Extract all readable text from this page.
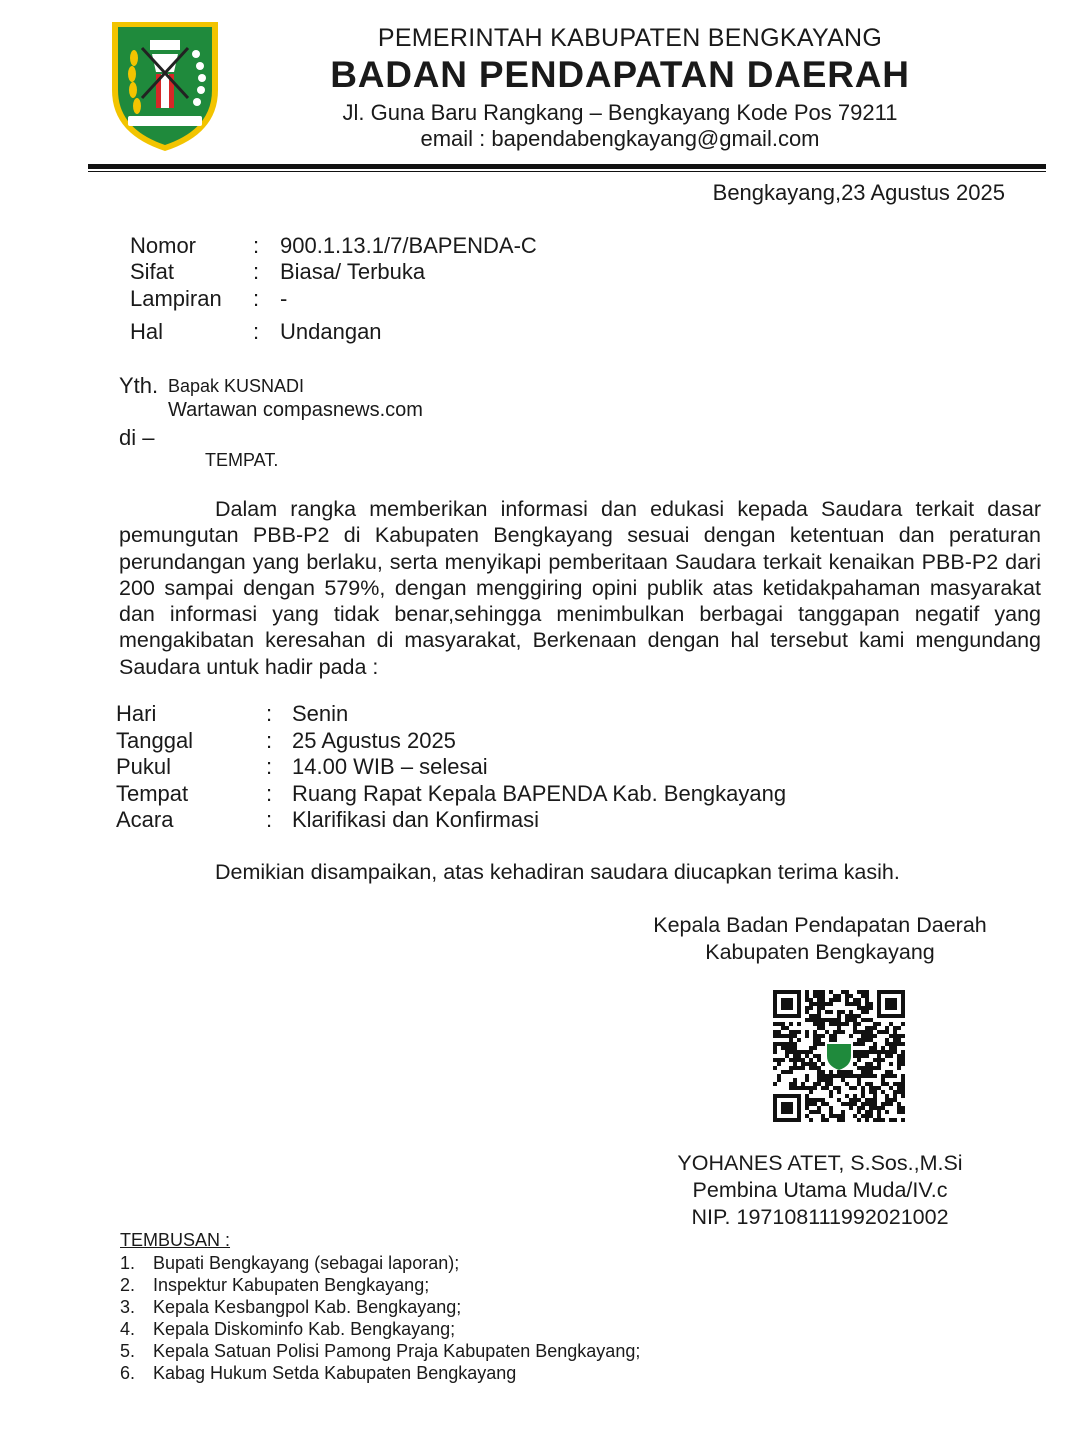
PEMERINTAH KABUPATEN BENGKAYANG
BADAN PENDAPATAN DAERAH
Jl. Guna Baru Rangkang – Bengkayang Kode Pos 79211
email : bapendabengkayang@gmail.com
Bengkayang,23 Agustus 2025
Nomor	: 900.1.13.1/7/BAPENDA-C
Sifat	: Biasa/ Terbuka
Lampiran : -
Hal	: Undangan
Yth. Bapak KUSNADI
Wartawan compasnews.com
di –
TEMPAT.

Dalam rangka memberikan informasi dan edukasi kepada Saudara terkait dasar pemungutan PBB-P2 di Kabupaten Bengkayang sesuai dengan ketentuan dan peraturan perundangan yang berlaku, serta menyikapi pemberitaan Saudara terkait kenaikan PBB-P2 dari 200 sampai dengan 579%, dengan menggiring opini publik atas ketidakpahaman masyarakat dan informasi yang tidak benar,sehingga menimbulkan berbagai tanggapan negatif yang mengakibatan keresahan di masyarakat, Berkenaan dengan hal tersebut kami mengundang Saudara untuk hadir pada :

Hari	: Senin
Tanggal	: 25 Agustus 2025
Pukul	: 14.00 WIB – selesai
Tempat	: Ruang Rapat Kepala BAPENDA Kab. Bengkayang
Acara	: Klarifikasi dan Konfirmasi
Demikian disampaikan, atas kehadiran saudara diucapkan terima kasih.
Kepala Badan Pendapatan Daerah
Kabupaten Bengkayang
YOHANES ATET, S.Sos.,M.Si
Pembina Utama Muda/IV.c
NIP. 197108111992021002
TEMBUSAN :
1. Bupati Bengkayang (sebagai laporan);
2. Inspektur Kabupaten Bengkayang;
3. Kepala Kesbangpol Kab. Bengkayang;
4. Kepala Diskominfo Kab. Bengkayang;
5. Kepala Satuan Polisi Pamong Praja Kabupaten Bengkayang;
6. Kabag Hukum Setda Kabupaten Bengkayang
